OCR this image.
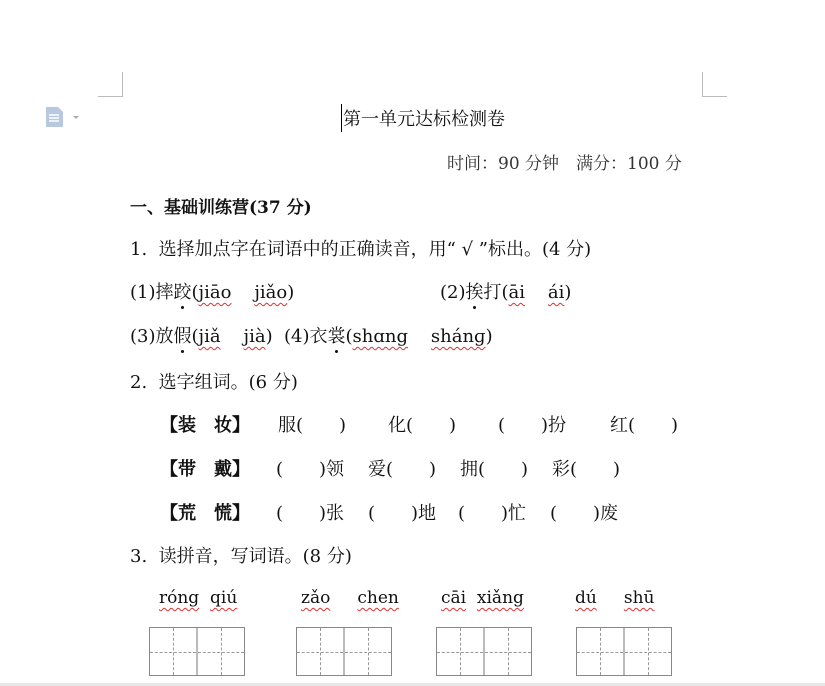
第一单元达标检测卷
时间：90 分钟　满分：100 分
一、基础训练营(37 分)
1. 选择加点字在词语中的正确读音，用“ √ ”标出。(4 分)
(1)摔跤(jiāo jiǎo)	(2)挨打(āi ái)
(3)放假(jiǎ jià) (4)衣裳(shɑng shánɡ)
2. 选字组词。(6 分)
【装　妆】 服(　　) 化(　　) (　　)扮 红(　　)
【带　戴】 (　　)领 爱(　　) 拥(　　) 彩(　　)
【荒　慌】 (　　)张 (　　)地 (　　)忙 (　　)废
3. 读拼音，写词语。(8 分)
róng qiú	zǎo chen cāi xiǎng	dú shū
